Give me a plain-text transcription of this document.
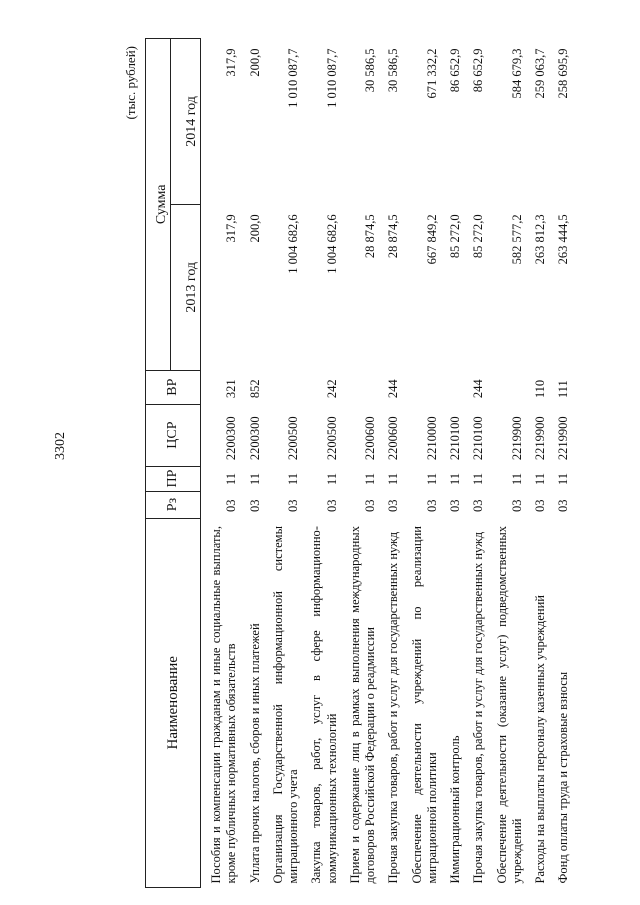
3302
(тыс. рублей)
Наименование	Рз	ПР	ЦСР	ВР	Сумма	
					2013 год	2014 год

Пособия и компенсации гражданам и иные социальные выплаты, кроме публичных нормативных обязательств	03	11	2200300	321	317,9	317,9
Уплата прочих налогов, сборов и иных платежей	03	11	2200300	852	200,0	200,0
Организация Государственной информационной системы миграционного учета	03	11	2200500		1 004 682,6	1 010 087,7
Закупка товаров, работ, услуг в сфере информационно-коммуникационных технологий	03	11	2200500	242	1 004 682,6	1 010 087,7
Прием и содержание лиц в рамках выполнения международных договоров Российской Федерации о реадмиссии	03	11	2200600		28 874,5	30 586,5
Прочая закупка товаров, работ и услуг для государственных нужд	03	11	2200600	244	28 874,5	30 586,5
Обеспечение деятельности учреждений по реализации миграционной политики	03	11	2210000		667 849,2	671 332,2
Иммиграционный контроль	03	11	2210100		85 272,0	86 652,9
Прочая закупка товаров, работ и услуг для государственных нужд	03	11	2210100	244	85 272,0	86 652,9
Обеспечение деятельности (оказание услуг) подведомственных учреждений	03	11	2219900		582 577,2	584 679,3
Расходы на выплаты персоналу казенных учреждений	03	11	2219900	110	263 812,3	259 063,7
Фонд оплаты труда и страховые взносы	03	11	2219900	111	263 444,5	258 695,9
